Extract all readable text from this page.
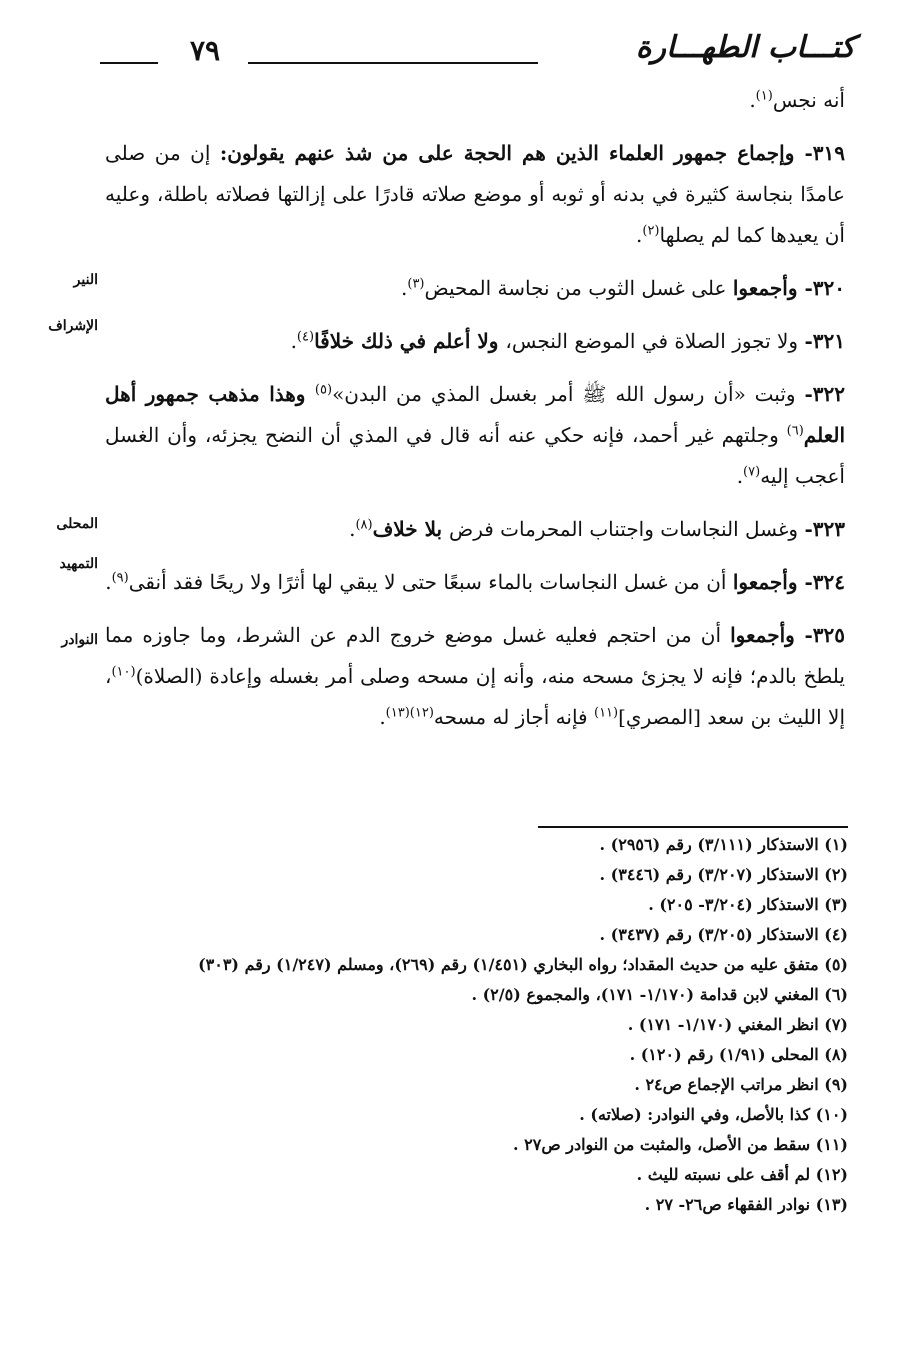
كتـــاب الطهـــارة
٧٩
النير
الإشراف
المحلى
التمهيد
النوادر

أنه نجس$^{(١)}$.

٣١٩- وإجماع جمهور العلماء الذين هم الحجة على من شذ عنهم يقولون: إن من صلى عامدًا بنجاسة كثيرة في بدنه أو ثوبه أو موضع صلاته قادرًا على إزالتها فصلاته باطلة، وعليه أن يعيدها كما لم يصلها$^{(٢)}$.

٣٢٠- وأجمعوا على غسل الثوب من نجاسة المحيض$^{(٣)}$.

٣٢١- ولا تجوز الصلاة في الموضع النجس، ولا أعلم في ذلك خلافًا$^{(٤)}$.

٣٢٢- وثبت «أن رسول الله ﷺ أمر بغسل المذي من البدن»$^{(٥)}$ وهذا مذهب جمهور أهل العلم$^{(٦)}$ وجلتهم غير أحمد، فإنه حكي عنه أنه قال في المذي أن النضح يجزئه، وأن الغسل أعجب إليه$^{(٧)}$.

٣٢٣- وغسل النجاسات واجتناب المحرمات فرض بلا خلاف$^{(٨)}$.

٣٢٤- وأجمعوا أن من غسل النجاسات بالماء سبعًا حتى لا يبقي لها أثرًا ولا ريحًا فقد أنقى$^{(٩)}$.

٣٢٥- وأجمعوا أن من احتجم فعليه غسل موضع خروج الدم عن الشرط، وما جاوزه مما يلطخ بالدم؛ فإنه لا يجزئ مسحه منه، وأنه إن مسحه وصلى أمر بغسله وإعادة (الصلاة)$^{(١٠)}$، إلا الليث بن سعد [المصري]$^{(١١)}$ فإنه أجاز له مسحه$^{(١٢)(١٣)}$.

(١) الاستذكار (٣/١١١) رقم (٢٩٥٦) .

(٢) الاستذكار (٣/٢٠٧) رقم (٣٤٤٦) .

(٣) الاستذكار (٣/٢٠٤- ٢٠٥) .

(٤) الاستذكار (٣/٢٠٥) رقم (٣٤٣٧) .

(٥) متفق عليه من حديث المقداد؛ رواه البخاري (١/٤٥١) رقم (٢٦٩)، ومسلم (١/٢٤٧) رقم (٣٠٣)

(٦) المغني لابن قدامة (١/١٧٠- ١٧١)، والمجموع (٢/٥) .

(٧) انظر المغني (١/١٧٠- ١٧١) .

(٨) المحلى (١/٩١) رقم (١٢٠) .

(٩) انظر مراتب الإجماع ص٢٤ .

(١٠) كذا بالأصل، وفي النوادر: (صلاته) .

(١١) سقط من الأصل، والمثبت من النوادر ص٢٧ .

(١٢) لم أقف على نسبته لليث .

(١٣) نوادر الفقهاء ص٢٦- ٢٧ .
